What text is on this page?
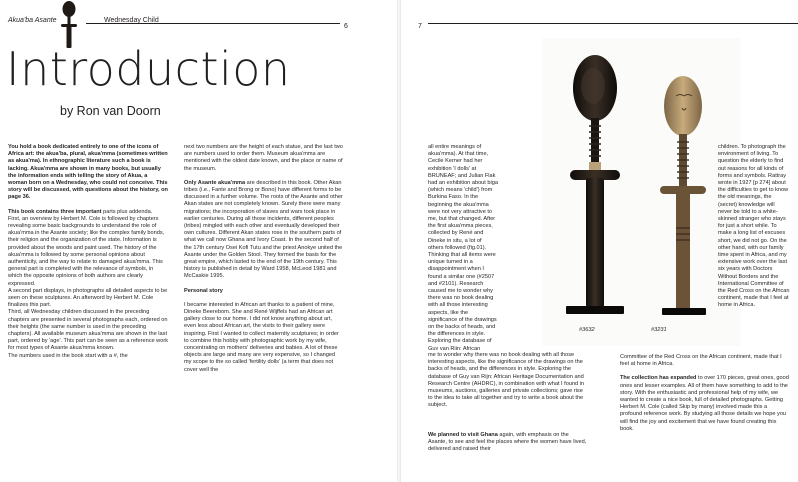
Akua'ba Asante	Wednesday Child
6
Introduction
by Ron van Doorn

You hold a book dedicated entirely to one of the icons of Africa art: the akua'ba, plural, akua'mma (sometimes written as akua'ma). In ethnographic literature such a book is lacking. Akua'mma are shown in many books, but usually the information ends with telling the story of Akua, a woman born on a Wednesday, who could not conceive. This story will be discussed, with questions about the history, on page 36.

This book contains three important parts plus addenda.

First, an overview by Herbert M. Cole is followed by chapters revealing some basic backgrounds to understand the role of akua'mma in the Asante society; like the complex family bonds, their religion and the organization of the state. Information is provided about the woods and paint used. The history of the akua'mma is followed by some personal opinions about authenticity, and the way to relate to damaged akua'mma. This general part is completed with the relevance of symbols, in which the opposite opinions of both authors are clearly expressed.

A second part displays, in photographs all detailed aspects to be seen on these sculptures. An afterword by Herbert M. Cole finalizes this part.

Third, all Wednesday children discussed in the preceding chapters are presented in several photographs each, ordered on their heights (the same number is used in the preceding chapters). All available museum akua'mma are shown in the last part, ordered by 'age'. This part can be seen as a reference work for most types of Asante akua'mma known.

The numbers used in the book start with a #, the

next two numbers are the height of each statue, and the last two are numbers used to order them. Museum akua'mma are mentioned with the oldest date known, and the place or name of the museum.

Only Asante akua'mma are described in this book. Other Akan tribes (i.e., Fante and Brong or Bono) have different forms to be discussed in a further volume. The roots of the Asante and other Akan states are not completely known. Surely there were many migrations; the incorporation of slaves and wars took place in earlier centuries. During all those incidents, different peoples (tribes) mingled with each other and eventually developed their own cultures. Different Akan states rose in the southern parts of what we call now Ghana and Ivory Coast. In the second half of the 17th century Osei Kofi Tutu and the priest Anokye united the Asante under the Golden Stool. They formed the basis for the great empire, which lasted to the end of the 19th century. This history is published in detail by Ward 1958, McLeod 1981 and McCaskie 1995.

Personal story

I became interested in African art thanks to a patient of mine, Dineke Beerebom. She and René Wijffels had an African art gallery close to our home. I did not know anything about art, even less about African art, the visits to their gallery were inspiring. First I wanted to collect maternity sculptures; in order to combine this hobby with photographic work by my wife, concentrating on mothers' deliveries and babies. A lot of these objects are large and many are very expensive, so I changed my scope to the so called 'fertility dolls' (a term that does not cover well the

7
#3632	#3231

all entire meanings of akua'mma). At that time, Cecile Kerner had her exhibition 'I dolls' at BRUNEAF; and Julian Flak had an exhibition about biga (which means 'child') from Burkina Faso. In the beginning the akua'mma were not very attractive to me, but that changed. After the first akua'mma pieces, collected by René and Dineke in situ, a lot of others followed (fig.01). Thinking that all items were unique turned in a disappointment when I found a similar one (#2507 and #2101). Research caused me to wonder why there was no book dealing with all those interesting aspects, like the significance of the drawings on the backs of heads, and the differences in style. Exploring the database of Guy van Rijn: African

me to wonder why there was no book dealing with all those interesting aspects, like the significance of the drawings on the backs of heads, and the differences in style. Exploring the database of Guy van Rijn: African Heritage Documentation and Research Centre (AHDRC), in combination with what I found in museums, auctions, galleries and private collections; gave rise to the idea to take all together and try to write a book about the subject.

We planned to visit Ghana again, with emphasis on the Asante, to see and feel the places where the women have lived, delivered and raised their

children. To photograph the environment of living. To question the elderly to find out reasons for all kinds of forms and symbols. Rattray wrote in 1927 [p 274] about the difficulties to get to know the old meanings, the (secret) knowledge will never be told to a white-skinned stranger who stays for just a short while. To make a long list of excuses short, we did not go. On the other hand, with our family time spent in Africa, and my extensive work over the last six years with Doctors Without Borders and the International Committee of the Red Cross on the African continent, made that I feel at home in Africa.

Committee of the Red Cross on the African continent, made that I feel at home in Africa.

The collection has expanded to over 170 pieces, great ones, good ones and lesser examples. All of them have something to add to the story. With the enthusiastic and professional help of my wife, we wanted to create a nice book, full of detailed photographs. Getting Herbert M. Cole (called Skip by many) involved made this a profound reference work. By studying all those details we hope you will find the joy and excitement that we have found creating this book.
